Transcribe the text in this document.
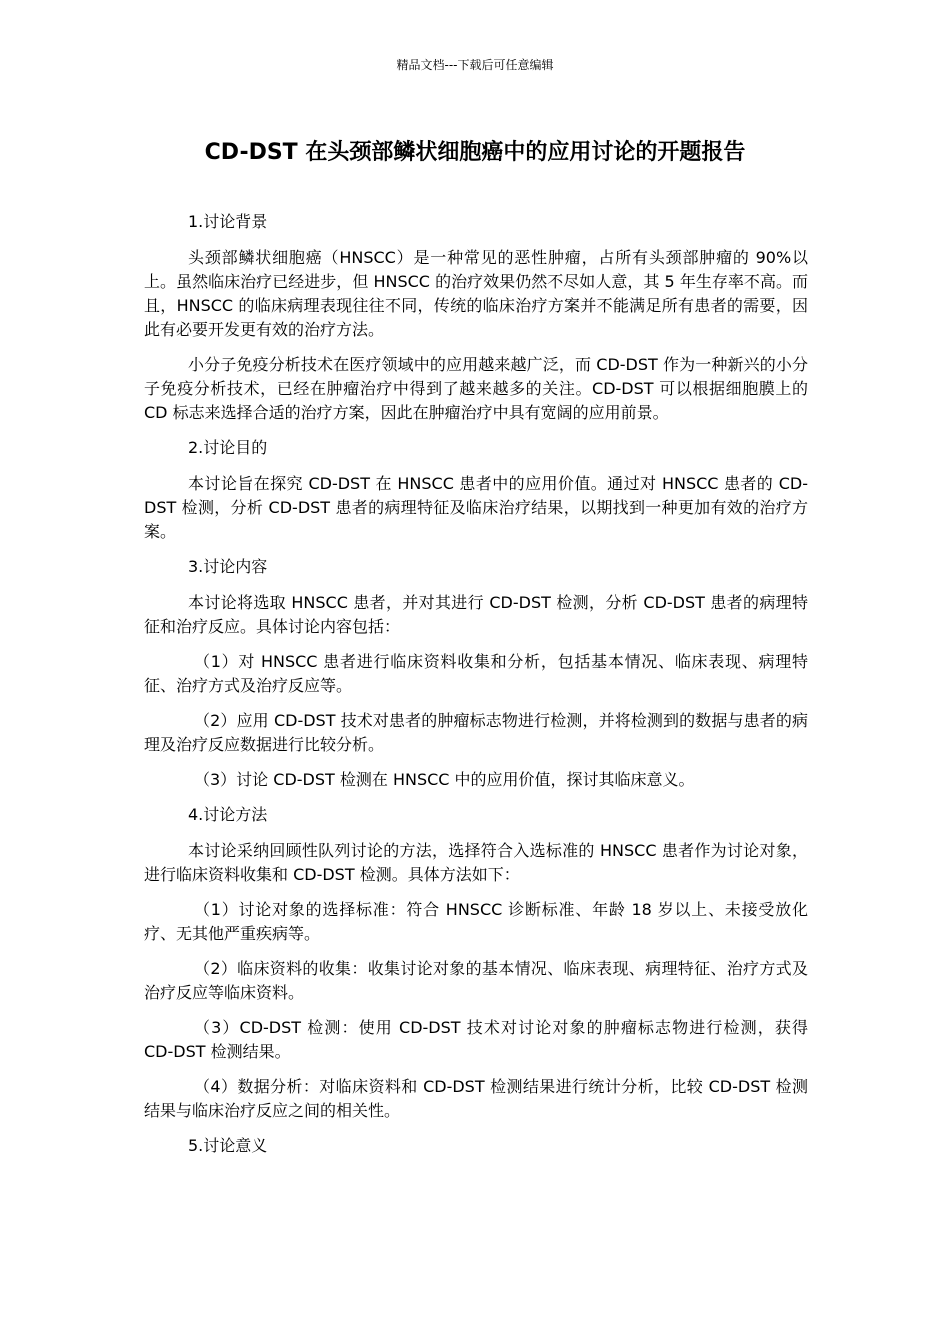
精品文档---下载后可任意编辑
CD-DST 在头颈部鳞状细胞癌中的应用讨论的开题报告

1.讨论背景

头颈部鳞状细胞癌（HNSCC）是一种常见的恶性肿瘤，占所有头颈部肿瘤的 90%以上。虽然临床治疗已经进步，但 HNSCC 的治疗效果仍然不尽如人意，其 5 年生存率不高。而且，HNSCC 的临床病理表现往往不同，传统的临床治疗方案并不能满足所有患者的需要，因此有必要开发更有效的治疗方法。

小分子免疫分析技术在医疗领域中的应用越来越广泛，而 CD-DST 作为一种新兴的小分子免疫分析技术，已经在肿瘤治疗中得到了越来越多的关注。CD-DST 可以根据细胞膜上的 CD 标志来选择合适的治疗方案，因此在肿瘤治疗中具有宽阔的应用前景。

2.讨论目的

本讨论旨在探究 CD-DST 在 HNSCC 患者中的应用价值。通过对 HNSCC 患者的 CD-DST 检测，分析 CD-DST 患者的病理特征及临床治疗结果，以期找到一种更加有效的治疗方案。

3.讨论内容

本讨论将选取 HNSCC 患者，并对其进行 CD-DST 检测，分析 CD-DST 患者的病理特征和治疗反应。具体讨论内容包括：

（1）对 HNSCC 患者进行临床资料收集和分析，包括基本情况、临床表现、病理特征、治疗方式及治疗反应等。

（2）应用 CD-DST 技术对患者的肿瘤标志物进行检测，并将检测到的数据与患者的病理及治疗反应数据进行比较分析。

（3）讨论 CD-DST 检测在 HNSCC 中的应用价值，探讨其临床意义。

4.讨论方法

本讨论采纳回顾性队列讨论的方法，选择符合入选标准的 HNSCC 患者作为讨论对象，进行临床资料收集和 CD-DST 检测。具体方法如下：

（1）讨论对象的选择标准：符合 HNSCC 诊断标准、年龄 18 岁以上、未接受放化疗、无其他严重疾病等。

（2）临床资料的收集：收集讨论对象的基本情况、临床表现、病理特征、治疗方式及治疗反应等临床资料。

（3）CD-DST 检测：使用 CD-DST 技术对讨论对象的肿瘤标志物进行检测，获得 CD-DST 检测结果。

（4）数据分析：对临床资料和 CD-DST 检测结果进行统计分析，比较 CD-DST 检测结果与临床治疗反应之间的相关性。

5.讨论意义
